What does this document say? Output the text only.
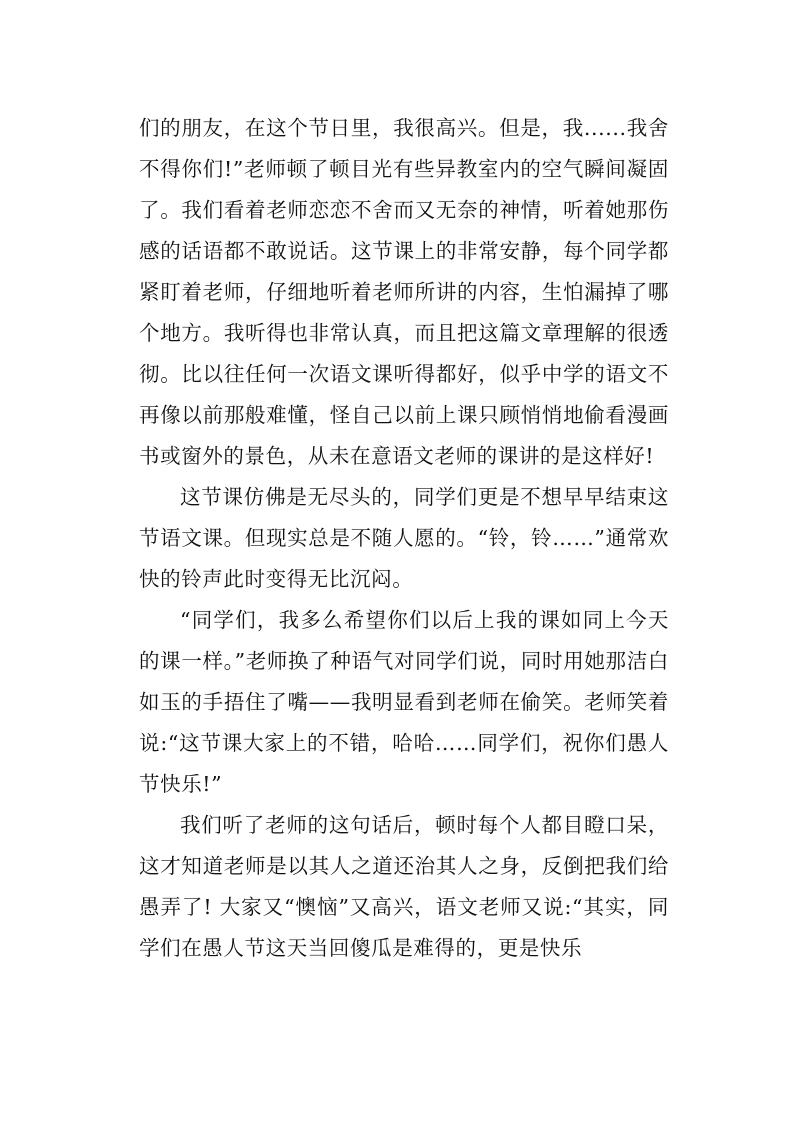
们的朋友，在这个节日里，我很高兴。但是，我......我舍不得你们!”老师顿了顿目光有些异教室内的空气瞬间凝固了。我们看着老师恋恋不舍而又无奈的神情，听着她那伤感的话语都不敢说话。这节课上的非常安静，每个同学都紧盯着老师，仔细地听着老师所讲的内容，生怕漏掉了哪个地方。我听得也非常认真，而且把这篇文章理解的很透彻。比以往任何一次语文课听得都好，似乎中学的语文不再像以前那般难懂，怪自己以前上课只顾悄悄地偷看漫画书或窗外的景色，从未在意语文老师的课讲的是这样好!

这节课仿佛是无尽头的，同学们更是不想早早结束这节语文课。但现实总是不随人愿的。“铃，铃……”通常欢快的铃声此时变得无比沉闷。

“同学们，我多么希望你们以后上我的课如同上今天的课一样。”老师换了种语气对同学们说，同时用她那洁白如玉的手捂住了嘴——我明显看到老师在偷笑。老师笑着说:“这节课大家上的不错，哈哈……同学们，祝你们愚人节快乐!”

我们听了老师的这句话后，顿时每个人都目瞪口呆，这才知道老师是以其人之道还治其人之身，反倒把我们给愚弄了! 大家又“懊恼”又高兴，语文老师又说:“其实，同学们在愚人节这天当回傻瓜是难得的，更是快乐
